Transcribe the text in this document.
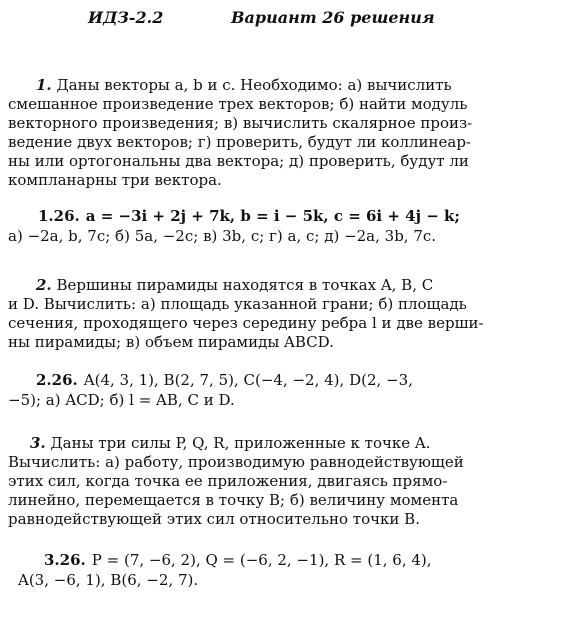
ИДЗ-2.2	Вариант 26 решения
1. Даны векторы a, b и c. Необходимо: а) вычислить
смешанное произведение трех векторов; б) найти модуль
векторного произведения; в) вычислить скалярное произ-
ведение двух векторов; г) проверить, будут ли коллинеар-
ны или ортогональны два вектора; д) проверить, будут ли
компланарны три вектора.
1.26. a = −3i + 2j + 7k, b = i − 5k, c = 6i + 4j − k;
а) −2a, b, 7c; б) 5a, −2c; в) 3b, c; г) a, c; д) −2a, 3b, 7c.
2. Вершины пирамиды находятся в точках A, B, C
и D. Вычислить: а) площадь указанной грани; б) площадь
сечения, проходящего через середину ребра l и две верши-
ны пирамиды; в) объем пирамиды ABCD.
2.26. A(4, 3, 1), B(2, 7, 5), C(−4, −2, 4), D(2, −3,
−5); а) ACD; б) l = AB, C и D.
3. Даны три силы P, Q, R, приложенные к точке A.
Вычислить: а) работу, производимую равнодействующей
этих сил, когда точка ее приложения, двигаясь прямо-
линейно, перемещается в точку B; б) величину момента
равнодействующей этих сил относительно точки B.
3.26. P = (7, −6, 2), Q = (−6, 2, −1), R = (1, 6, 4),
A(3, −6, 1), B(6, −2, 7).
